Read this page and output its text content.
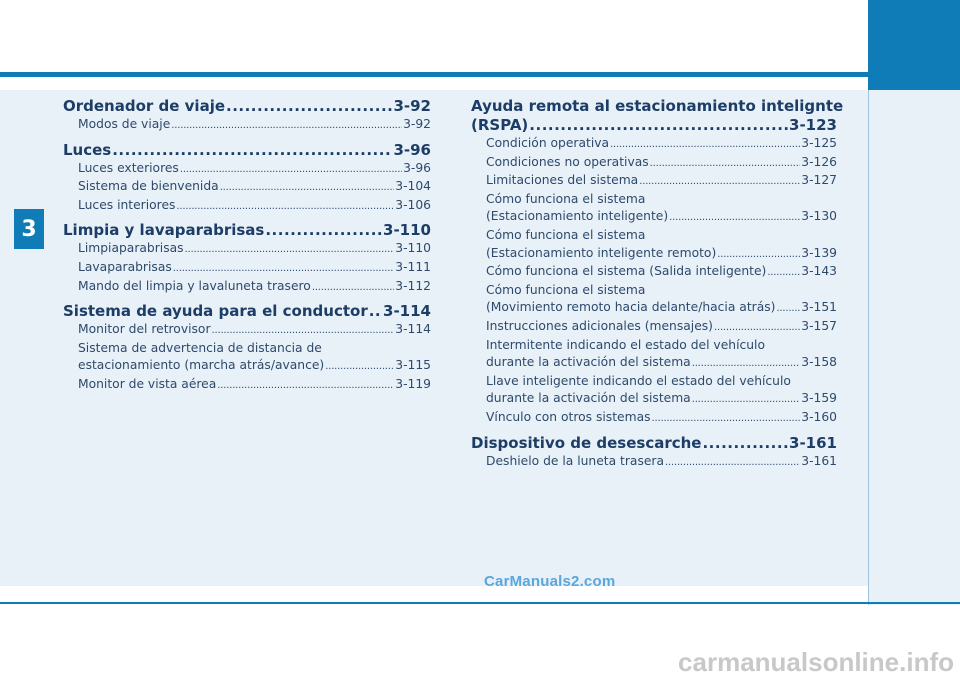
3
Ordenador de viaje .....	3-92
Modos de viaje .....	3-92
Luces .....	3-96
Luces exteriores .....	3-96
Sistema de bienvenida .....	3-104
Luces interiores .....	3-106
Limpia y lavaparabrisas .....	3-110
Limpiaparabrisas .....	3-110
Lavaparabrisas .....	3-111
Mando del limpia y lavaluneta trasero .....	3-112
Sistema de ayuda para el conductor ..... 3-114
Monitor del retrovisor .....	3-114
Sistema de advertencia de distancia de
estacionamiento (marcha atrás/avance) .....	3-115
Monitor de vista aérea .....	3-119
Ayuda remota al estacionamiento intelignte
(RSPA) .....	3-123
Condición operativa .....	3-125
Condiciones no operativas .....	3-126
Limitaciones del sistema .....	3-127
Cómo funciona el sistema
(Estacionamiento inteligente) .....	3-130
Cómo funciona el sistema
(Estacionamiento inteligente remoto) .....	3-139
Cómo funciona el sistema (Salida inteligente) .....	3-143
Cómo funciona el sistema
(Movimiento remoto hacia delante/hacia atrás) ..... 3-151
Instrucciones adicionales (mensajes) .....	3-157
Intermitente indicando el estado del vehículo
durante la activación del sistema .....	3-158
Llave inteligente indicando el estado del vehículo
durante la activación del sistema .....	3-159
Vínculo con otros sistemas .....	3-160
Dispositivo de desescarche .....	3-161
Deshielo de la luneta trasera .....	3-161
CarManuals2.com
carmanualsonline.info
